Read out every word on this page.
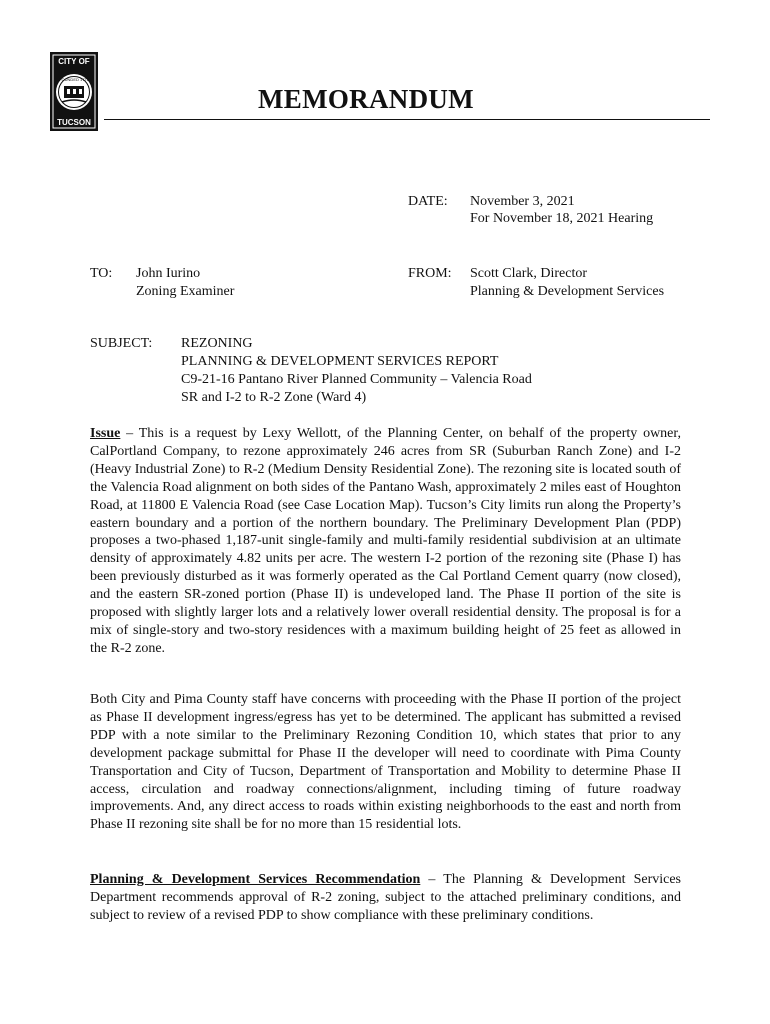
CITY OF
FOUNDED 1775
TUCSON
MEMORANDUM
DATE: November 3, 2021
For November 18, 2021 Hearing
TO: John Iurino
Zoning Examiner
FROM: Scott Clark, Director
Planning & Development Services
SUBJECT: REZONING
PLANNING & DEVELOPMENT SERVICES REPORT
C9-21-16 Pantano River Planned Community – Valencia Road
SR and I-2 to R-2 Zone (Ward 4)
Issue – This is a request by Lexy Wellott, of the Planning Center, on behalf of the property owner, CalPortland Company, to rezone approximately 246 acres from SR (Suburban Ranch Zone) and I-2 (Heavy Industrial Zone) to R-2 (Medium Density Residential Zone). The rezoning site is located south of the Valencia Road alignment on both sides of the Pantano Wash, approximately 2 miles east of Houghton Road, at 11800 E Valencia Road (see Case Location Map). Tucson’s City limits run along the Property’s eastern boundary and a portion of the northern boundary. The Preliminary Development Plan (PDP) proposes a two-phased 1,187-unit single-family and multi-family residential subdivision at an ultimate density of approximately 4.82 units per acre. The western I-2 portion of the rezoning site (Phase I) has been previously disturbed as it was formerly operated as the Cal Portland Cement quarry (now closed), and the eastern SR-zoned portion (Phase II) is undeveloped land. The Phase II portion of the site is proposed with slightly larger lots and a relatively lower overall residential density. The proposal is for a mix of single-story and two-story residences with a maximum building height of 25 feet as allowed in the R-2 zone.
Both City and Pima County staff have concerns with proceeding with the Phase II portion of the project as Phase II development ingress/egress has yet to be determined. The applicant has submitted a revised PDP with a note similar to the Preliminary Rezoning Condition 10, which states that prior to any development package submittal for Phase II the developer will need to coordinate with Pima County Transportation and City of Tucson, Department of Transportation and Mobility to determine Phase II access, circulation and roadway connections/alignment, including timing of future roadway improvements. And, any direct access to roads within existing neighborhoods to the east and north from Phase II rezoning site shall be for no more than 15 residential lots.
Planning & Development Services Recommendation – The Planning & Development Services Department recommends approval of R-2 zoning, subject to the attached preliminary conditions, and subject to review of a revised PDP to show compliance with these preliminary conditions.
